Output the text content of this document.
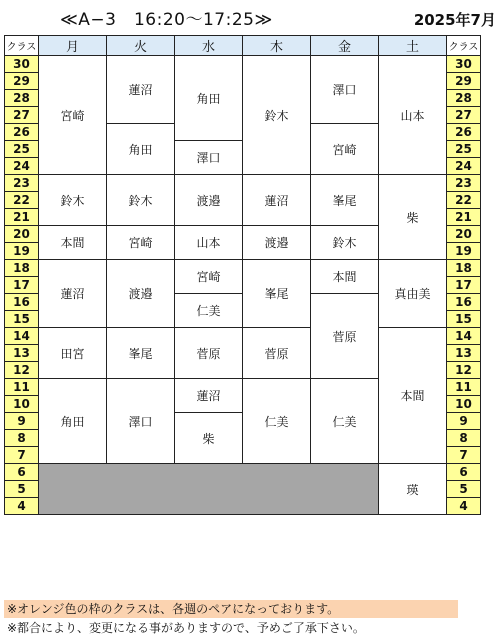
≪A−3　16:20〜17:25≫	2025年7月
クラス	月	火	水	木	金	土	クラス
30	宮崎	蓮沼	角田	鈴木	澤口	山本	30
29							29
28							28
27							27
26		角田			宮崎		26
25			澤口				25
24							24
23	鈴木	鈴木	渡邉	蓮沼	峯尾	柴	23
22							22
21							21
20	本間	宮崎	山本	渡邉	鈴木		20
19							19
18	蓮沼	渡邉	宮崎	峯尾	本間	真由美	18
17							17
16			仁美		菅原		16
15							15
14	田宮	峯尾	菅原	菅原		本間	14
13							13
12							12
11	角田	澤口	蓮沼	仁美	仁美		11
10							10
9			柴				9
8							8
7							7
6						瑛	6
5							5
4							4
※オレンジ色の枠のクラスは、各週のペアになっております。
※都合により、変更になる事がありますので、予めご了承下さい。
